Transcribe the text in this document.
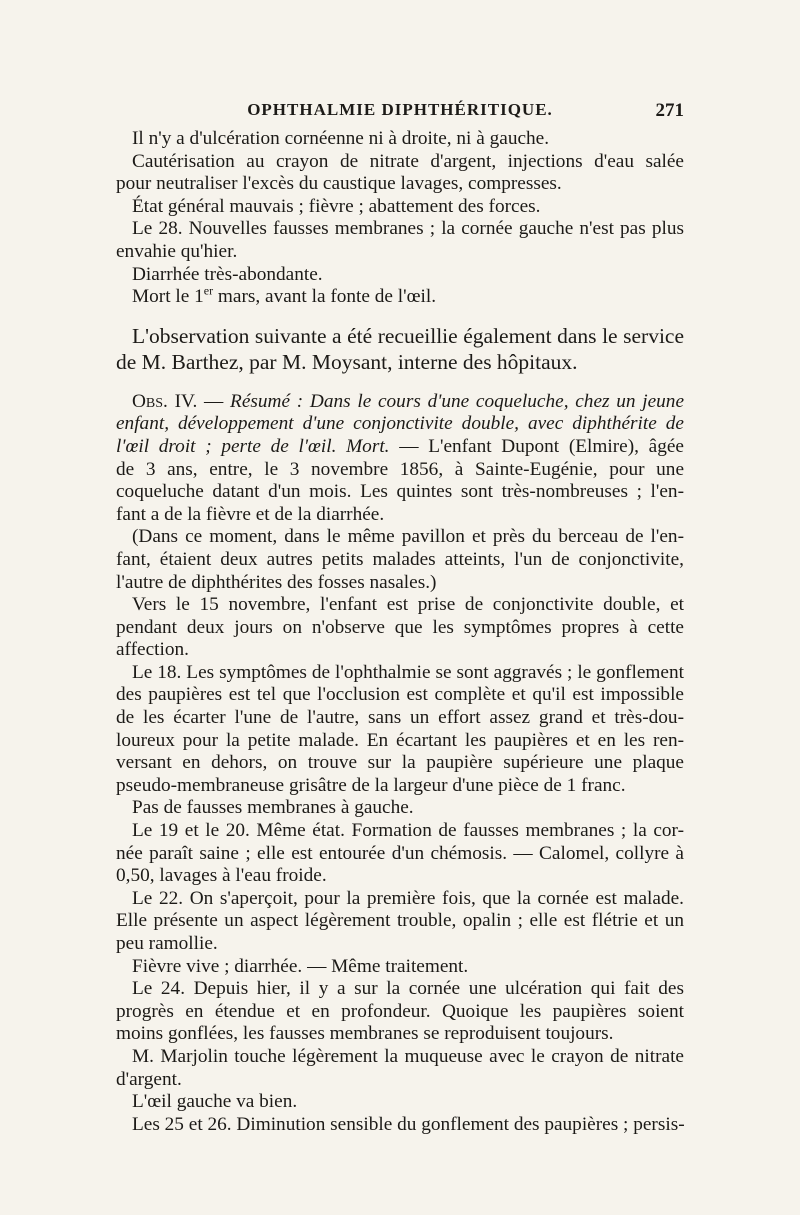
OPHTHALMIE DIPHTHÉRITIQUE.	271
Il n'y a d'ulcération cornéenne ni à droite, ni à gauche.
Cautérisation au crayon de nitrate d'argent, injections d'eau salée
pour neutraliser l'excès du caustique lavages, compresses.
État général mauvais ; fièvre ; abattement des forces.
Le 28. Nouvelles fausses membranes ; la cornée gauche n'est pas plus
envahie qu'hier.
Diarrhée très-abondante.
Mort le 1er mars, avant la fonte de l'œil.
L'observation suivante a été recueillie également dans le service
de M. Barthez, par M. Moysant, interne des hôpitaux.
Obs. IV. — Résumé : Dans le cours d'une coqueluche, chez un jeune
enfant, développement d'une conjonctivite double, avec diphthérite de
l'œil droit ; perte de l'œil. Mort. — L'enfant Dupont (Elmire), âgée
de 3 ans, entre, le 3 novembre 1856, à Sainte-Eugénie, pour une
coqueluche datant d'un mois. Les quintes sont très-nombreuses ; l'en-
fant a de la fièvre et de la diarrhée.
(Dans ce moment, dans le même pavillon et près du berceau de l'en-
fant, étaient deux autres petits malades atteints, l'un de conjonctivite,
l'autre de diphthérites des fosses nasales.)
Vers le 15 novembre, l'enfant est prise de conjonctivite double, et
pendant deux jours on n'observe que les symptômes propres à cette
affection.
Le 18. Les symptômes de l'ophthalmie se sont aggravés ; le gonflement
des paupières est tel que l'occlusion est complète et qu'il est impossible
de les écarter l'une de l'autre, sans un effort assez grand et très-dou-
loureux pour la petite malade. En écartant les paupières et en les ren-
versant en dehors, on trouve sur la paupière supérieure une plaque
pseudo-membraneuse grisâtre de la largeur d'une pièce de 1 franc.
Pas de fausses membranes à gauche.
Le 19 et le 20. Même état. Formation de fausses membranes ; la cor-
née paraît saine ; elle est entourée d'un chémosis. — Calomel, collyre à
0,50, lavages à l'eau froide.
Le 22. On s'aperçoit, pour la première fois, que la cornée est malade.
Elle présente un aspect légèrement trouble, opalin ; elle est flétrie et un
peu ramollie.
Fièvre vive ; diarrhée. — Même traitement.
Le 24. Depuis hier, il y a sur la cornée une ulcération qui fait des
progrès en étendue et en profondeur. Quoique les paupières soient
moins gonflées, les fausses membranes se reproduisent toujours.
M. Marjolin touche légèrement la muqueuse avec le crayon de nitrate
d'argent.
L'œil gauche va bien.
Les 25 et 26. Diminution sensible du gonflement des paupières ; persis-
